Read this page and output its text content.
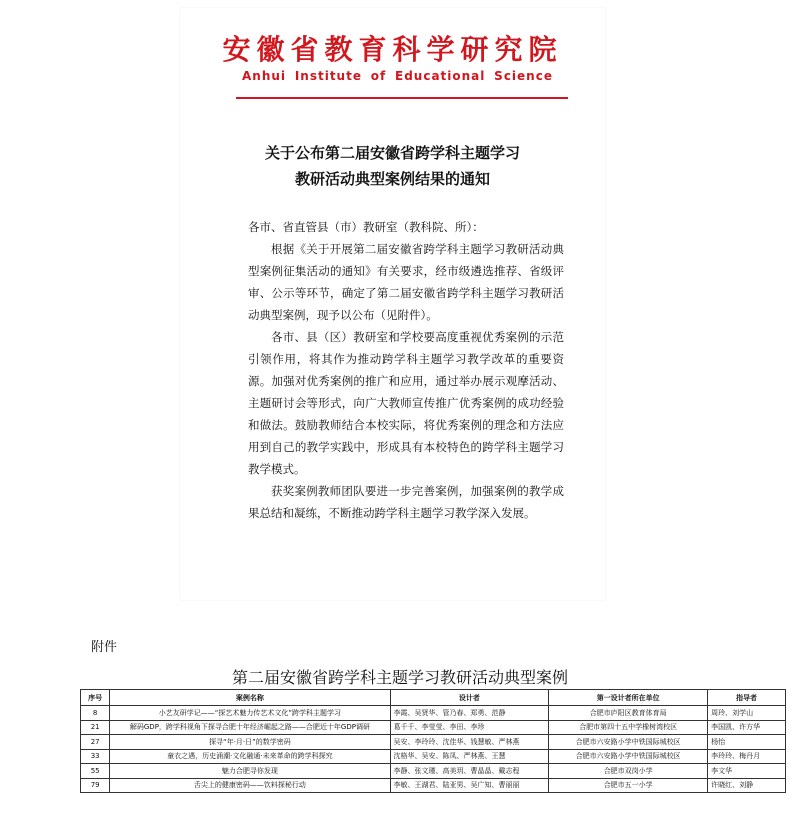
安徽省教育科学研究院
Anhui Institute of Educational Science
关于公布第二届安徽省跨学科主题学习
教研活动典型案例结果的通知

各市、省直管县（市）教研室（教科院、所）：

根据《关于开展第二届安徽省跨学科主题学习教研活动典型案例征集活动的通知》有关要求，经市级遴选推荐、省级评审、公示等环节，确定了第二届安徽省跨学科主题学习教研活动典型案例，现予以公布（见附件）。

各市、县（区）教研室和学校要高度重视优秀案例的示范引领作用，将其作为推动跨学科主题学习教学改革的重要资源。加强对优秀案例的推广和应用，通过举办展示观摩活动、主题研讨会等形式，向广大教师宣传推广优秀案例的成功经验和做法。鼓励教师结合本校实际，将优秀案例的理念和方法应用到自己的教学实践中，形成具有本校特色的跨学科主题学习教学模式。

获奖案例教师团队要进一步完善案例，加强案例的教学成果总结和凝练，不断推动跨学科主题学习教学深入发展。

附件
第二届安徽省跨学科主题学习教研活动典型案例
序号	案例名称	设计者	第一设计者所在单位	指导者
8	小艺友研学记——“探艺术魅力传艺术文化”跨学科主题学习	李霞、吴贤华、管乃春、郑勇、范静	合肥市庐阳区教育体育局	周玲、刘学山
21	解码GDP，跨学科视角下探寻合肥十年经济崛起之路——合肥近十年GDP调研	葛千千、李莹莹、李田、李珍	合肥市第四十五中学橡树湾校区	李国凯、许方华
27	探寻“年·月·日”的数学密码	吴安、李玲玲、沈佳华、钱慧敏、严林燕	合肥市六安路小学中铁国际城校区	杨怡
33	童衣之遇，历史涌潮·文化融通·未来革命的跨学科探究	沈格华、吴安、陈凤、严林燕、王慧	合肥市六安路小学中铁国际城校区	李玲玲、梅丹月
55	魅力合肥寻你发现	李静、张文瑾、高美玥、曹晶晶、戴志程	合肥市双岗小学	李文华
79	舌尖上的健康密码——饮料探秘行动	李敏、王湖君、陆亚男、吴广知、曹丽丽	合肥市五一小学	许晓红、刘静
